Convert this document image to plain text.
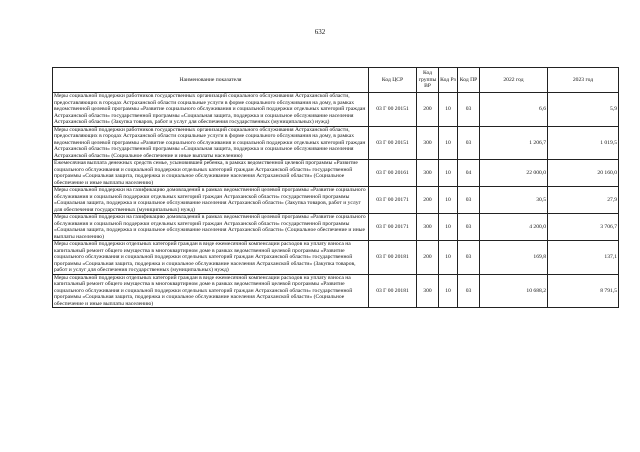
632
Наименование показателя	Код ЦСР	Код группы ВР	Код Рз	Код ПР	2022 год	2023 год
Меры социальной поддержки работников государственных организаций социального обслуживания Астраханской области, предоставляющих в городах Астраханской области социальные услуги в форме социального обслуживания на дому, в рамках ведомственной целевой программы «Развитие социального обслуживания и социальной поддержки отдельных категорий граждан Астраханской области» государственной программы «Социальная защита, поддержка и социальное обслуживание населения Астраханской области» (Закупка товаров, работ и услуг для обеспечения государственных (муниципальных) нужд)	03 Г 00 20151	200	10	03	6,6	5,9
Меры социальной поддержки работников государственных организаций социального обслуживания Астраханской области, предоставляющих в городах Астраханской области социальные услуги в форме социального обслуживания на дому, в рамках ведомственной целевой программы «Развитие социального обслуживания и социальной поддержки отдельных категорий граждан Астраханской области» государственной программы «Социальная защита, поддержка и социальное обслуживание населения Астраханской области» (Социальное обеспечение и иные выплаты населению)	03 Г 00 20151	300	10	03	1 206,7	1 019,5
Ежемесячная выплата денежных средств семье, усыновившей ребенка, в рамках ведомственной целевой программы «Развитие социального обслуживания и социальной поддержки отдельных категорий граждан Астраханской области» государственной программы «Социальная защита, поддержка и социальное обслуживание населения Астраханской области» (Социальное обеспечение и иные выплаты населению)	03 Г 00 20161	300	10	04	22 000,0	20 160,0
Меры социальной поддержки на газификацию домовладений в рамках ведомственной целевой программы «Развитие социального обслуживания и социальной поддержки отдельных категорий граждан Астраханской области» государственной программы «Социальная защита, поддержка и социальное обслуживание населения Астраханской области» (Закупка товаров, работ и услуг для обеспечения государственных (муниципальных) нужд)	03 Г 00 20171	200	10	03	30,5	27,9
Меры социальной поддержки на газификацию домовладений в рамках ведомственной целевой программы «Развитие социального обслуживания и социальной поддержки отдельных категорий граждан Астраханской области» государственной программы «Социальная защита, поддержка и социальное обслуживание населения Астраханской области» (Социальное обеспечение и иные выплаты населению)	03 Г 00 20171	300	10	03	4 200,0	3 706,7
Меры социальной поддержки отдельных категорий граждан в виде ежемесячной компенсации расходов на уплату взноса на капитальный ремонт общего имущества в многоквартирном доме в рамках ведомственной целевой программы «Развитие социального обслуживания и социальной поддержки отдельных категорий граждан Астраханской области» государственной программы «Социальная защита, поддержка и социальное обслуживание населения Астраханской области» (Закупка товаров, работ и услуг для обеспечения государственных (муниципальных) нужд)	03 Г 00 20181	200	10	03	169,8	137,1
Меры социальной поддержки отдельных категорий граждан в виде ежемесячной компенсации расходов на уплату взноса на капитальный ремонт общего имущества в многоквартирном доме в рамках ведомственной целевой программы «Развитие социального обслуживания и социальной поддержки отдельных категорий граждан Астраханской области» государственной программы «Социальная защита, поддержка и социальное обслуживание населения Астраханской области» (Социальное обеспечение и иные выплаты населению)	03 Г 00 20181	300	10	03	10 688,2	8 791,5
